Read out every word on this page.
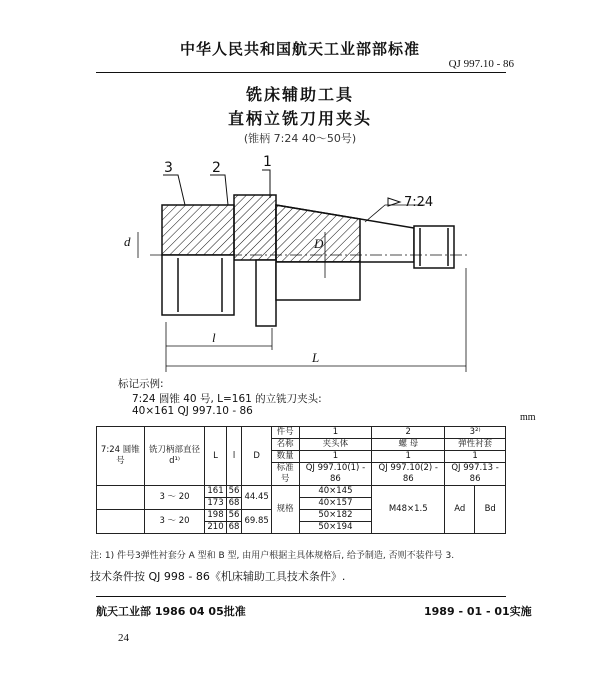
中华人民共和国航天工业部部标准
QJ 997.10 - 86
铣床辅助工具
直柄立铣刀用夹头
(锥柄 7:24 40～50号)
3	2	1
d	D
l
L
7:24
标记示例:
7:24 圆锥 40 号, L=161 的立铣刀夹头:
40×161 QJ 997.10 - 86
mm
7:24 圆锥号	铣刀柄部直径 d¹⁾	L	l	D	件号	1	2	3²⁾	
					名称	夹头体	螺 母	弹性衬套	
					数量	1	1	1	
					标准号	QJ 997.10(1) - 86	QJ 997.10(2) - 86	QJ 997.13 - 86	
	3 ～ 20	161	56	44.45	规格	40×145	M48×1.5	Ad	Bd
		173	68			40×157			
	3 ～ 20	198	56	69.85		50×182			
		210	68			50×194			
注: 1) 件号3弹性衬套分 A 型和 B 型, 由用户根据主具体规格后, 给予制造, 否则不装件号 3.
技术条件按 QJ 998 - 86《机床辅助工具技术条件》.
航天工业部 1986 04 05批准	1989 - 01 - 01实施
24
